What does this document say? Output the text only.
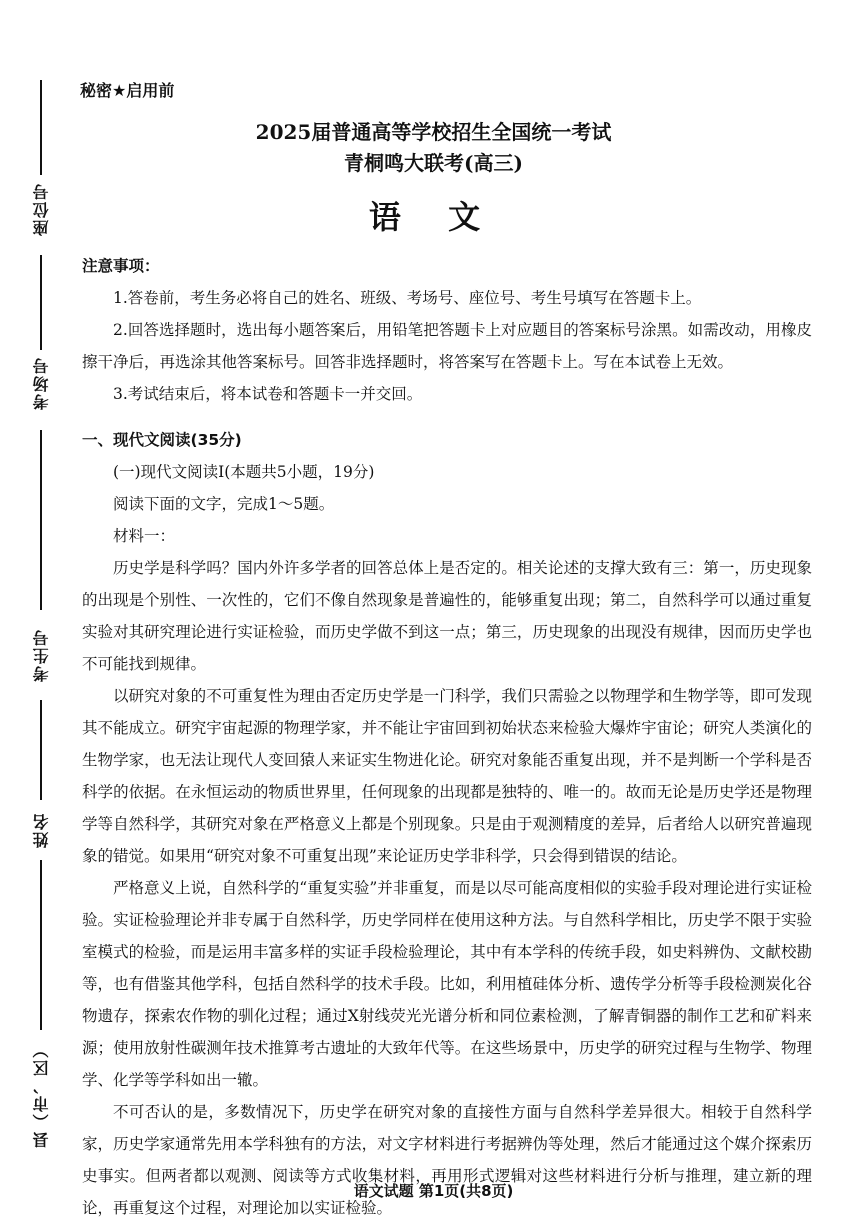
座位号
考场号
考生号
姓名
县（市、区）
秘密★启用前
2025届普通高等学校招生全国统一考试
青桐鸣大联考(高三)
语 文

注意事项：

1.答卷前，考生务必将自己的姓名、班级、考场号、座位号、考生号填写在答题卡上。

2.回答选择题时，选出每小题答案后，用铅笔把答题卡上对应题目的答案标号涂黑。如需改动，用橡皮擦干净后，再选涂其他答案标号。回答非选择题时，将答案写在答题卡上。写在本试卷上无效。

3.考试结束后，将本试卷和答题卡一并交回。

一、现代文阅读(35分)

(一)现代文阅读Ⅰ(本题共5小题，19分)

阅读下面的文字，完成1～5题。

材料一：

历史学是科学吗？国内外许多学者的回答总体上是否定的。相关论述的支撑大致有三：第一，历史现象的出现是个别性、一次性的，它们不像自然现象是普遍性的，能够重复出现；第二，自然科学可以通过重复实验对其研究理论进行实证检验，而历史学做不到这一点；第三，历史现象的出现没有规律，因而历史学也不可能找到规律。

以研究对象的不可重复性为理由否定历史学是一门科学，我们只需验之以物理学和生物学等，即可发现其不能成立。研究宇宙起源的物理学家，并不能让宇宙回到初始状态来检验大爆炸宇宙论；研究人类演化的生物学家，也无法让现代人变回猿人来证实生物进化论。研究对象能否重复出现，并不是判断一个学科是否科学的依据。在永恒运动的物质世界里，任何现象的出现都是独特的、唯一的。故而无论是历史学还是物理学等自然科学，其研究对象在严格意义上都是个别现象。只是由于观测精度的差异，后者给人以研究普遍现象的错觉。如果用“研究对象不可重复出现”来论证历史学非科学，只会得到错误的结论。

严格意义上说，自然科学的“重复实验”并非重复，而是以尽可能高度相似的实验手段对理论进行实证检验。实证检验理论并非专属于自然科学，历史学同样在使用这种方法。与自然科学相比，历史学不限于实验室模式的检验，而是运用丰富多样的实证手段检验理论，其中有本学科的传统手段，如史料辨伪、文献校勘等，也有借鉴其他学科，包括自然科学的技术手段。比如，利用植硅体分析、遗传学分析等手段检测炭化谷物遗存，探索农作物的驯化过程；通过X射线荧光光谱分析和同位素检测，了解青铜器的制作工艺和矿料来源；使用放射性碳测年技术推算考古遗址的大致年代等。在这些场景中，历史学的研究过程与生物学、物理学、化学等学科如出一辙。

不可否认的是，多数情况下，历史学在研究对象的直接性方面与自然科学差异很大。相较于自然科学家，历史学家通常先用本学科独有的方法，对文字材料进行考据辨伪等处理，然后才能通过这个媒介探索历史事实。但两者都以观测、阅读等方式收集材料，再用形式逻辑对这些材料进行分析与推理，建立新的理论，再重复这个过程，对理论加以实证检验。

语文试题 第1页(共8页)
